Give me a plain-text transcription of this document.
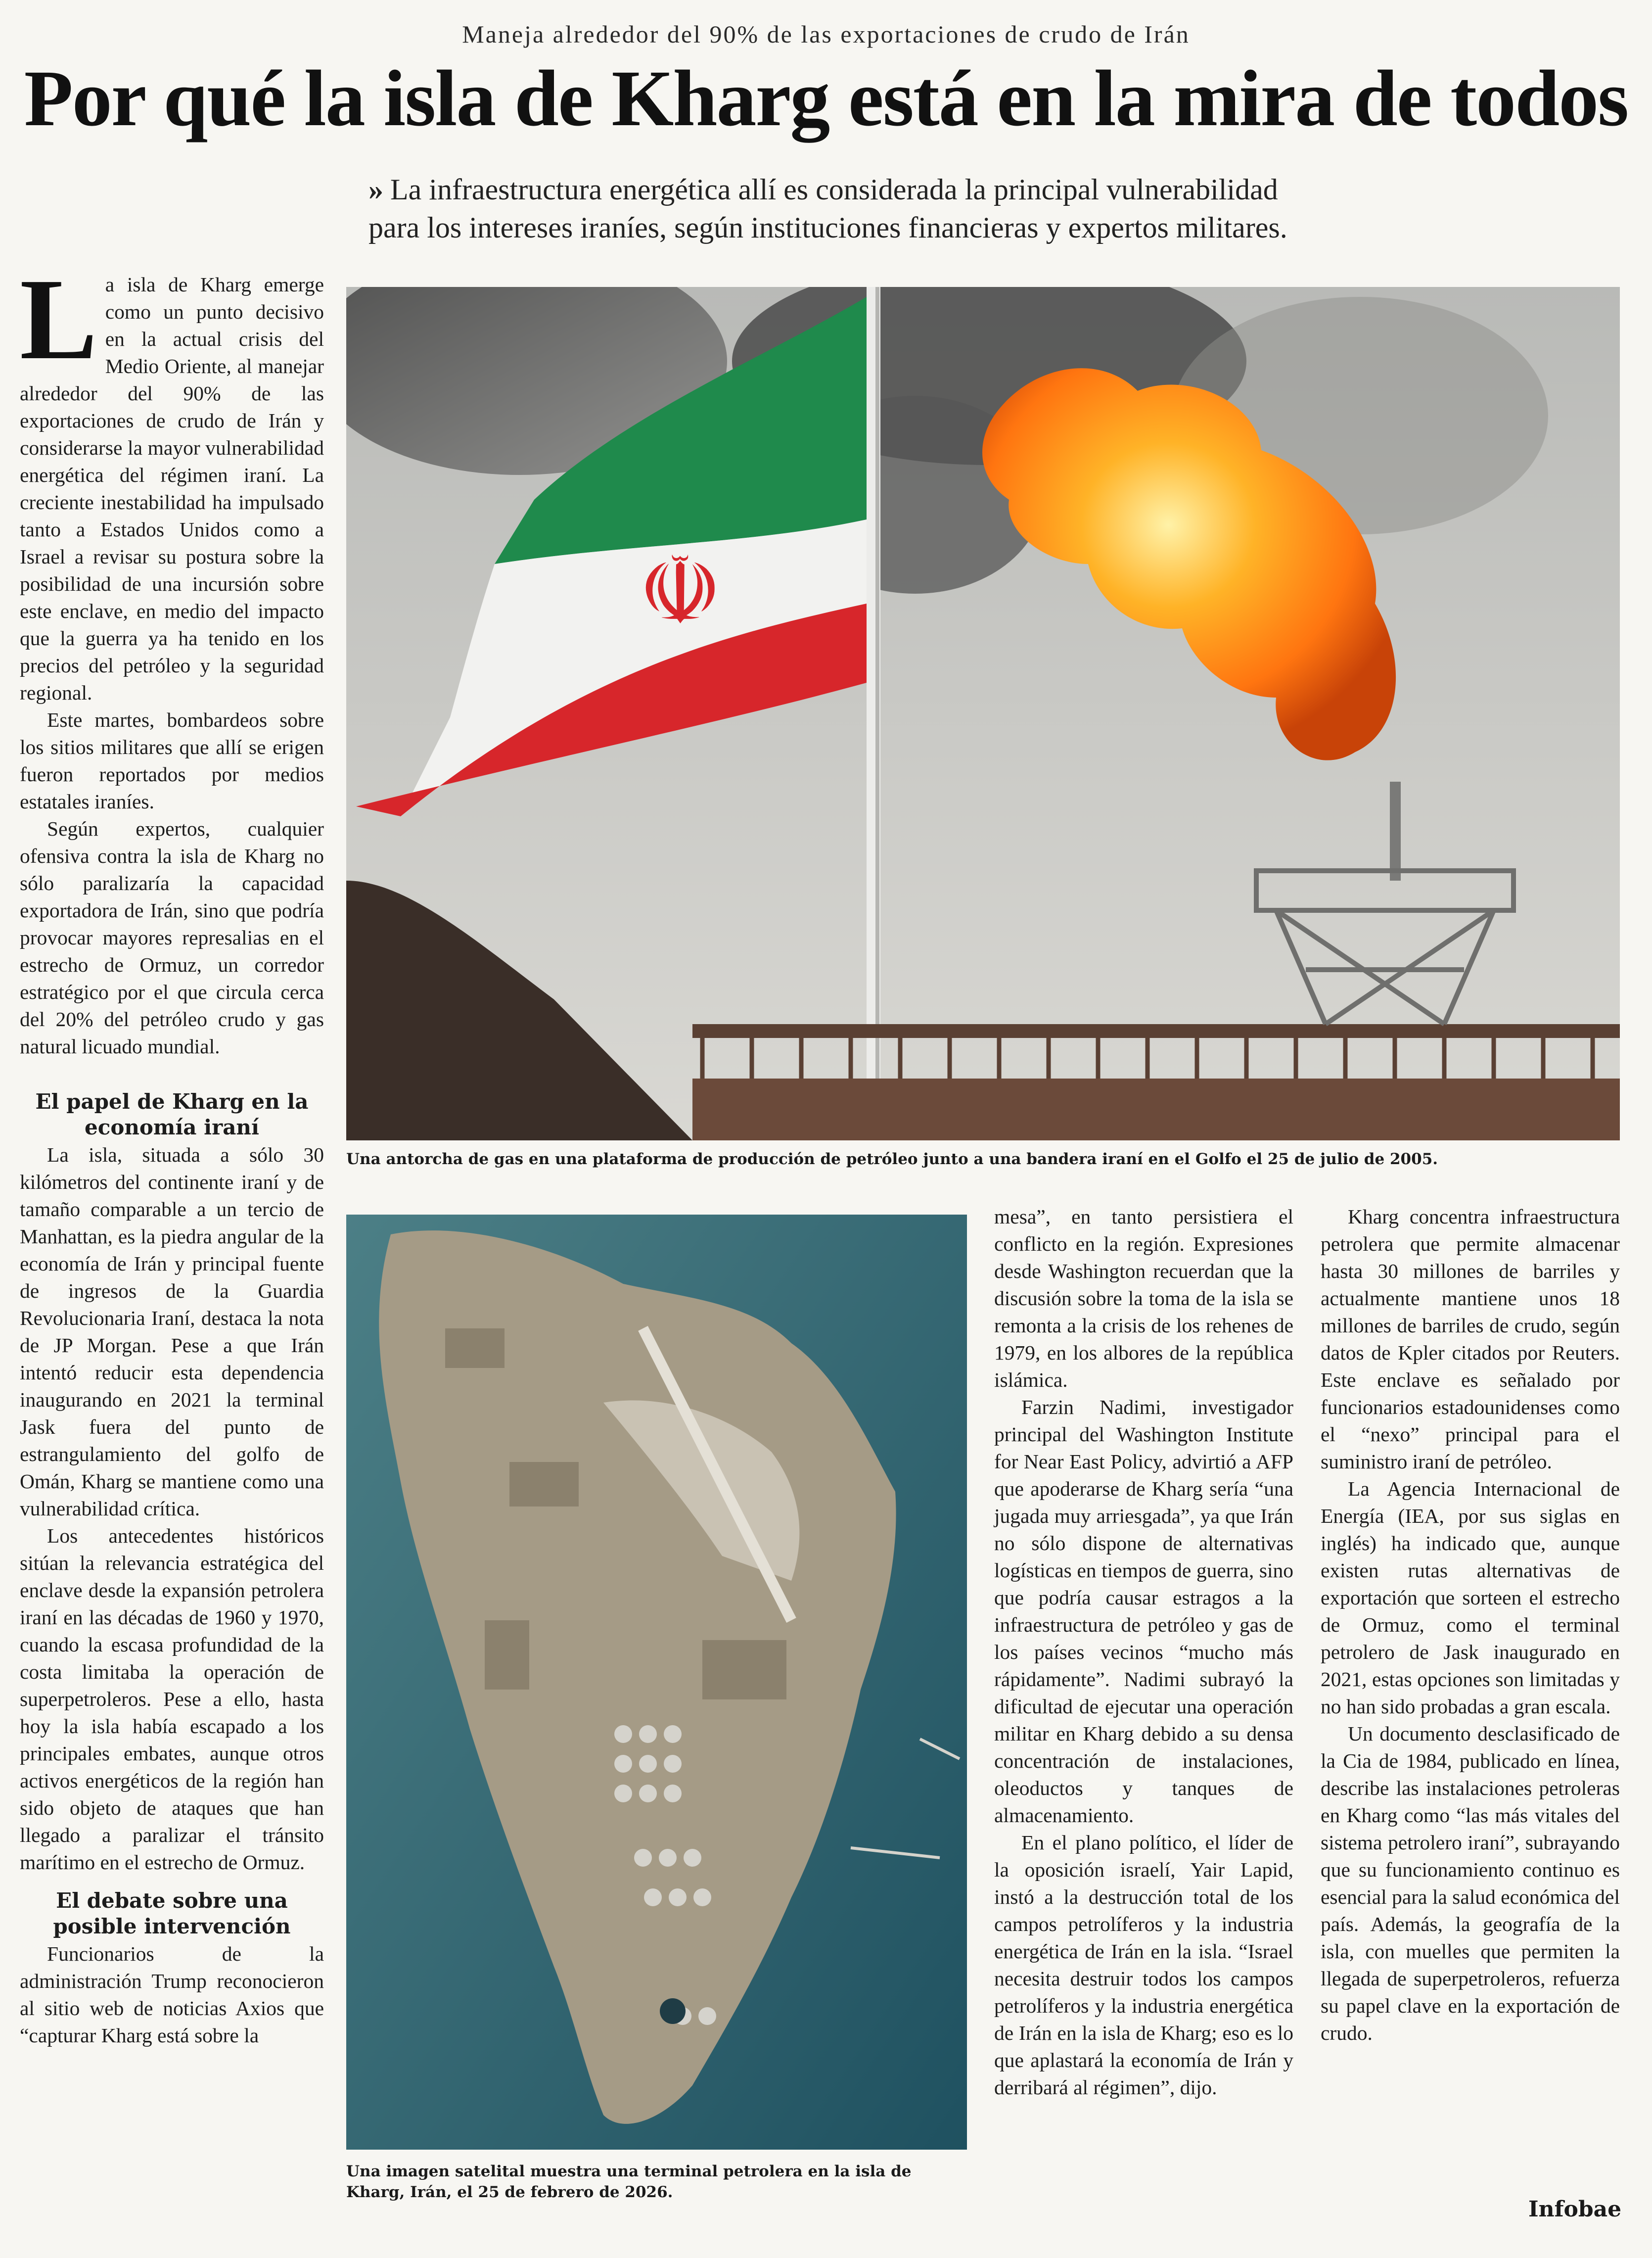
Maneja alrededor del 90% de las exportaciones de crudo de Irán
Por qué la isla de Kharg está en la mira de todos
» La infraestructura energética allí es considerada la principal vulnerabilidad para los intereses iraníes, según instituciones financieras y expertos militares.

La isla de Kharg emerge como un punto decisivo en la actual crisis del Medio Oriente, al manejar alrededor del 90% de las exportaciones de crudo de Irán y considerarse la mayor vulnerabilidad energética del régimen iraní. La creciente inestabilidad ha impulsado tanto a Estados Unidos como a Israel a revisar su postura sobre la posibilidad de una incursión sobre este enclave, en medio del impacto que la guerra ya ha tenido en los precios del petróleo y la seguridad regional.

Este martes, bombardeos sobre los sitios militares que allí se erigen fueron reportados por medios estatales iraníes.

Según expertos, cualquier ofensiva contra la isla de Kharg no sólo paralizaría la capacidad exportadora de Irán, sino que podría provocar mayores represalias en el estrecho de Ormuz, un corredor estratégico por el que circula cerca del 20% del petróleo crudo y gas natural licuado mundial.

El papel de Kharg en la economía iraní

La isla, situada a sólo 30 kilómetros del continente iraní y de tamaño comparable a un tercio de Manhattan, es la piedra angular de la economía de Irán y principal fuente de ingresos de la Guardia Revolucionaria Iraní, destaca la nota de JP Morgan. Pese a que Irán intentó reducir esta dependencia inaugurando en 2021 la terminal Jask fuera del punto de estrangulamiento del golfo de Omán, Kharg se mantiene como una vulnerabilidad crítica.

Los antecedentes históricos sitúan la relevancia estratégica del enclave desde la expansión petrolera iraní en las décadas de 1960 y 1970, cuando la escasa profundidad de la costa limitaba la operación de superpetroleros. Pese a ello, hasta hoy la isla había escapado a los principales embates, aunque otros activos energéticos de la región han sido objeto de ataques que han llegado a paralizar el tránsito marítimo en el estrecho de Ormuz.

El debate sobre una posible intervención

Funcionarios de la administración Trump reconocieron al sitio web de noticias Axios que “capturar Kharg está sobre la

☫
Una antorcha de gas en una plataforma de producción de petróleo junto a una bandera iraní en el Golfo el 25 de julio de 2005.
Una imagen satelital muestra una terminal petrolera en la isla de Kharg, Irán, el 25 de febrero de 2026.

mesa”, en tanto persistiera el conflicto en la región. Expresiones desde Washington recuerdan que la discusión sobre la toma de la isla se remonta a la crisis de los rehenes de 1979, en los albores de la república islámica.

Farzin Nadimi, investigador principal del Washington Institute for Near East Policy, advirtió a AFP que apoderarse de Kharg sería “una jugada muy arriesgada”, ya que Irán no sólo dispone de alternativas logísticas en tiempos de guerra, sino que podría causar estragos a la infraestructura de petróleo y gas de los países vecinos “mucho más rápidamente”. Nadimi subrayó la dificultad de ejecutar una operación militar en Kharg debido a su densa concentración de instalaciones, oleoductos y tanques de almacenamiento.

En el plano político, el líder de la oposición israelí, Yair Lapid, instó a la destrucción total de los campos petrolíferos y la industria energética de Irán en la isla. “Israel necesita destruir todos los campos petrolíferos y la industria energética de Irán en la isla de Kharg; eso es lo que aplastará la economía de Irán y derribará al régimen”, dijo.

Kharg concentra infraestructura petrolera que permite almacenar hasta 30 millones de barriles y actualmente mantiene unos 18 millones de barriles de crudo, según datos de Kpler citados por Reuters. Este enclave es señalado por funcionarios estadounidenses como el “nexo” principal para el suministro iraní de petróleo.

La Agencia Internacional de Energía (IEA, por sus siglas en inglés) ha indicado que, aunque existen rutas alternativas de exportación que sorteen el estrecho de Ormuz, como el terminal petrolero de Jask inaugurado en 2021, estas opciones son limitadas y no han sido probadas a gran escala.

Un documento desclasificado de la Cia de 1984, publicado en línea, describe las instalaciones petroleras en Kharg como “las más vitales del sistema petrolero iraní”, subrayando que su funcionamiento continuo es esencial para la salud económica del país. Además, la geografía de la isla, con muelles que permiten la llegada de superpetroleros, refuerza su papel clave en la exportación de crudo.

Infobae
